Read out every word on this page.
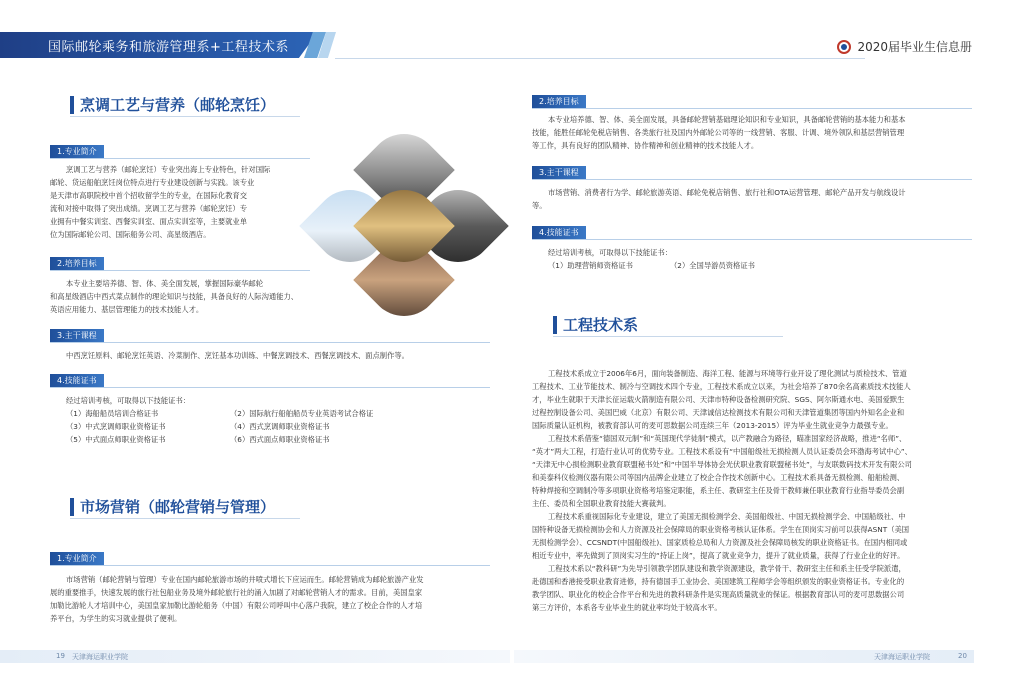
国际邮轮乘务和旅游管理系+工程技术系	2020届毕业生信息册
烹调工艺与营养（邮轮烹饪）
1.专业简介
烹调工艺与营养（邮轮烹饪）专业突出海上专业特色，针对国际
邮轮、货运船舶烹饪岗位特点进行专业建设创新与实践。该专业
是天津市高职院校中首个招收留学生的专业，在国际化教育交
流和对接中取得了突出成绩。烹调工艺与营养（邮轮烹饪）专
业拥有中餐实训室、西餐实训室、面点实训室等，主要就业单
位为国际邮轮公司、国际船务公司、高星级酒店。
2.培养目标
本专业主要培养德、智、体、美全面发展，掌握国际豪华邮轮
和高星级酒店中西式菜点制作的理论知识与技能，具备良好的人际沟通能力、
英语应用能力、基层管理能力的技术技能人才。
3.主干课程
中西烹饪原料、邮轮烹饪英语、冷菜制作、烹饪基本功训练、中餐烹调技术、西餐烹调技术、面点制作等。
4.技能证书
经过培训考核，可取得以下技能证书：
（1）海船船员培训合格证书	（2）国际航行船舶船员专业英语考试合格证
（3）中式烹调师职业资格证书	（4）西式烹调师职业资格证书
（5）中式面点师职业资格证书	（6）西式面点师职业资格证书
市场营销（邮轮营销与管理）
1.专业简介
市场营销（邮轮营销与管理）专业在国内邮轮旅游市场的井喷式增长下应运而生。邮轮营销成为邮轮旅游产业发
展的重要推手，快速发展的旅行社包船业务及境外邮轮旅行社的涌入加剧了对邮轮营销人才的需求。目前，美国皇家
加勒比游轮人才培训中心，美国皇家加勒比游轮船务（中国）有限公司呼叫中心落户我院，建立了校企合作的人才培
养平台，为学生的实习就业提供了便利。
2.培养目标
本专业培养德、智、体、美全面发展，具备邮轮营销基础理论知识和专业知识，具备邮轮营销的基本能力和基本
技能，能胜任邮轮免税店销售、各类旅行社及国内外邮轮公司等的一线营销、客服、计调、境外领队和基层营销管理
等工作，具有良好的团队精神、协作精神和创业精神的技术技能人才。
3.主干课程
市场营销、消费者行为学、邮轮旅游英语、邮轮免税店销售、旅行社和OTA运营管理、邮轮产品开发与航线设计
等。
4.技能证书
经过培训考核，可取得以下技能证书：
（1）助理营销师资格证书	（2）全国导游员资格证书
工程技术系
工程技术系成立于2006年6月，面向装备制造、海洋工程、能源与环境等行业开设了理化测试与质检技术、管道
工程技术、工业节能技术、制冷与空调技术四个专业，工程技术系成立以来，为社会培养了870余名高素质技术技能人
才，毕业生就职于天津长征运载火箭制造有限公司、天津市特种设备检测研究院、SGS、阿尔斯通水电、美国爱默生
过程控制设备公司、美国巴威（北京）有限公司、天津诚信达检测技术有限公司和天津管道集团等国内外知名企业和
国际质量认证机构，被教育部认可的麦可思数据公司连续三年（2013-2015）评为毕业生就业竞争力最强专业。
工程技术系借鉴“德国双元制”和“英国现代学徒制”模式，以产教融合为路径，瞄准国家经济战略，推进“名师”、
“英才”两大工程，打造行业认可的优势专业。工程技术系设有“中国船级社无损检测人员认证委员会环渤海考试中心”、
“天津无中心损检测职业教育联盟秘书处”和“中国半导体协会光伏职业教育联盟秘书处”，与友联数码技术开发有限公司
和美泰科仪检测仪器有限公司等国内品牌企业建立了校企合作技术创新中心。工程技术系具备无损检测、船舶检测、
特种焊接和空调制冷等多项职业资格考培鉴定职能，系主任、教研室主任及骨干教师兼任职业教育行业指导委员会副
主任、委员和全国职业教育技能大赛裁判。
工程技术系重视国际化专业建设，建立了美国无损检测学会、美国船级社、中国无损检测学会、中国船级社、中
国特种设备无损检测协会和人力资源及社会保障局的职业资格考核认证体系。学生在顶岗实习前可以获得ASNT（美国
无损检测学会）、CCSNDT(中国船级社)、国家质检总局和人力资源及社会保障局核发的职业资格证书。在国内相同或
相近专业中，率先做到了顶岗实习生的“持证上岗”，提高了就业竞争力，提升了就业质量，获得了行业企业的好评。
工程技术系以“教科研”为先导引领教学团队建设和教学资源建设，教学骨干、教研室主任和系主任受学院派遣，
赴德国和香港接受职业教育进修，持有德国手工业协会、美国建筑工程师学会等组织颁发的职业资格证书。专业化的
教学团队、职业化的校企合作平台和先进的教科研条件是实现高质量就业的保证。根据教育部认可的麦可思数据公司
第三方评价，本系各专业毕业生的就业率均处于较高水平。
19 天津海运职业学院	天津海运职业学院	20
